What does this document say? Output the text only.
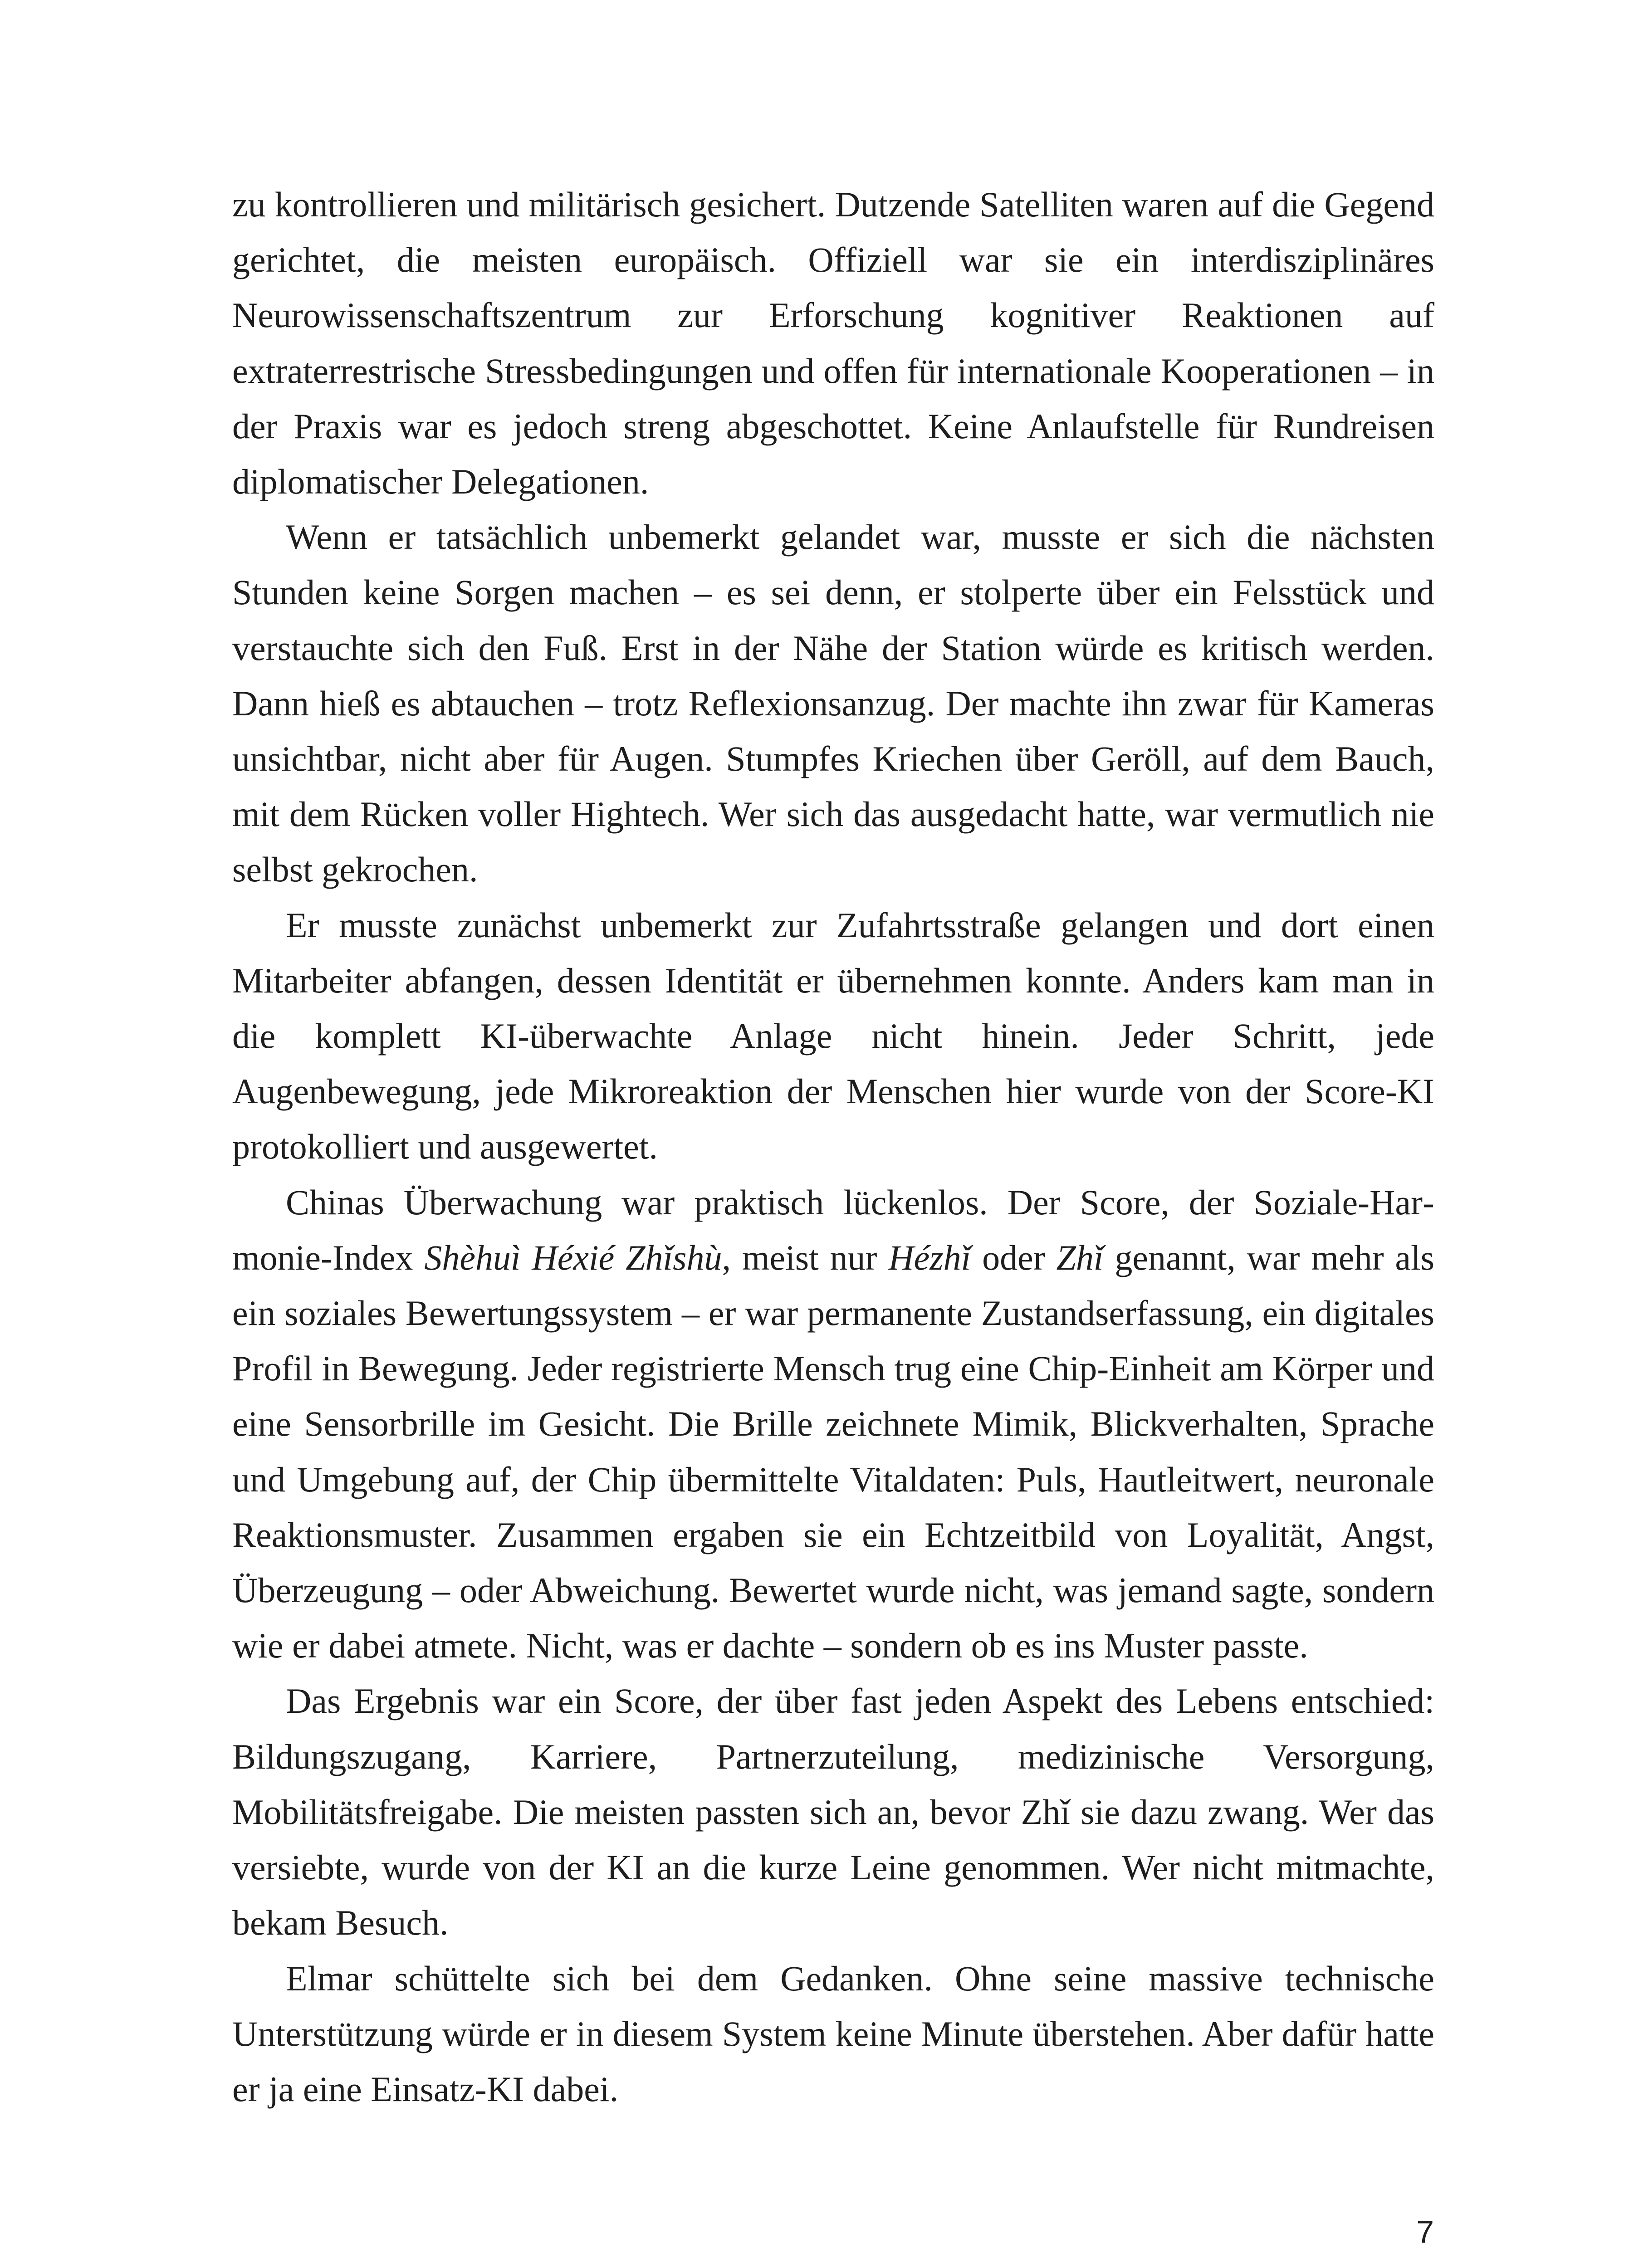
zu kontrollieren und militärisch gesichert. Dutzende Satelliten waren auf die Gegend gerichtet, die meisten europäisch. Offiziell war sie ein interdisziplinäres Neurowissenschaftszentrum zur Erforschung kognitiver Reaktionen auf extraterrestrische Stressbedingungen und offen für internationale Kooperationen – in der Praxis war es jedoch streng abgeschottet. Keine Anlaufstelle für Rundreisen diplomatischer Delegationen.

Wenn er tatsächlich unbemerkt gelandet war, musste er sich die nächsten Stunden keine Sorgen machen – es sei denn, er stolperte über ein Felsstück und verstauchte sich den Fuß. Erst in der Nähe der Station würde es kritisch werden. Dann hieß es abtauchen – trotz Reflexionsanzug. Der machte ihn zwar für Kameras unsichtbar, nicht aber für Augen. Stumpfes Kriechen über Geröll, auf dem Bauch, mit dem Rücken voller Hightech. Wer sich das ausgedacht hatte, war vermutlich nie selbst gekrochen.

Er musste zunächst unbemerkt zur Zufahrtsstraße gelangen und dort einen Mitarbeiter abfangen, dessen Identität er übernehmen konnte. Anders kam man in die komplett KI-überwachte Anlage nicht hinein. Jeder Schritt, jede Augenbewegung, jede Mikroreaktion der Menschen hier wurde von der Score-KI protokolliert und ausgewertet.

Chinas Überwachung war praktisch lückenlos. Der Score, der Soziale-Harmonie-Index Shèhuì Héxié Zhǐshù, meist nur Hézhǐ oder Zhǐ genannt, war mehr als ein soziales Bewertungssystem – er war permanente Zustandserfassung, ein digitales Profil in Bewegung. Jeder registrierte Mensch trug eine Chip-Einheit am Körper und eine Sensorbrille im Gesicht. Die Brille zeichnete Mimik, Blickverhalten, Sprache und Umgebung auf, der Chip übermittelte Vitaldaten: Puls, Hautleitwert, neuronale Reaktionsmuster. Zusammen ergaben sie ein Echtzeitbild von Loyalität, Angst, Überzeugung – oder Abweichung. Bewertet wurde nicht, was jemand sagte, sondern wie er dabei atmete. Nicht, was er dachte – sondern ob es ins Muster passte.

Das Ergebnis war ein Score, der über fast jeden Aspekt des Lebens entschied: Bildungszugang, Karriere, Partnerzuteilung, medizinische Versorgung, Mobilitätsfreigabe. Die meisten passten sich an, bevor Zhǐ sie dazu zwang. Wer das versiebte, wurde von der KI an die kurze Leine genommen. Wer nicht mitmachte, bekam Besuch.

Elmar schüttelte sich bei dem Gedanken. Ohne seine massive technische Unterstützung würde er in diesem System keine Minute überstehen. Aber dafür hatte er ja eine Einsatz-KI dabei.

7
